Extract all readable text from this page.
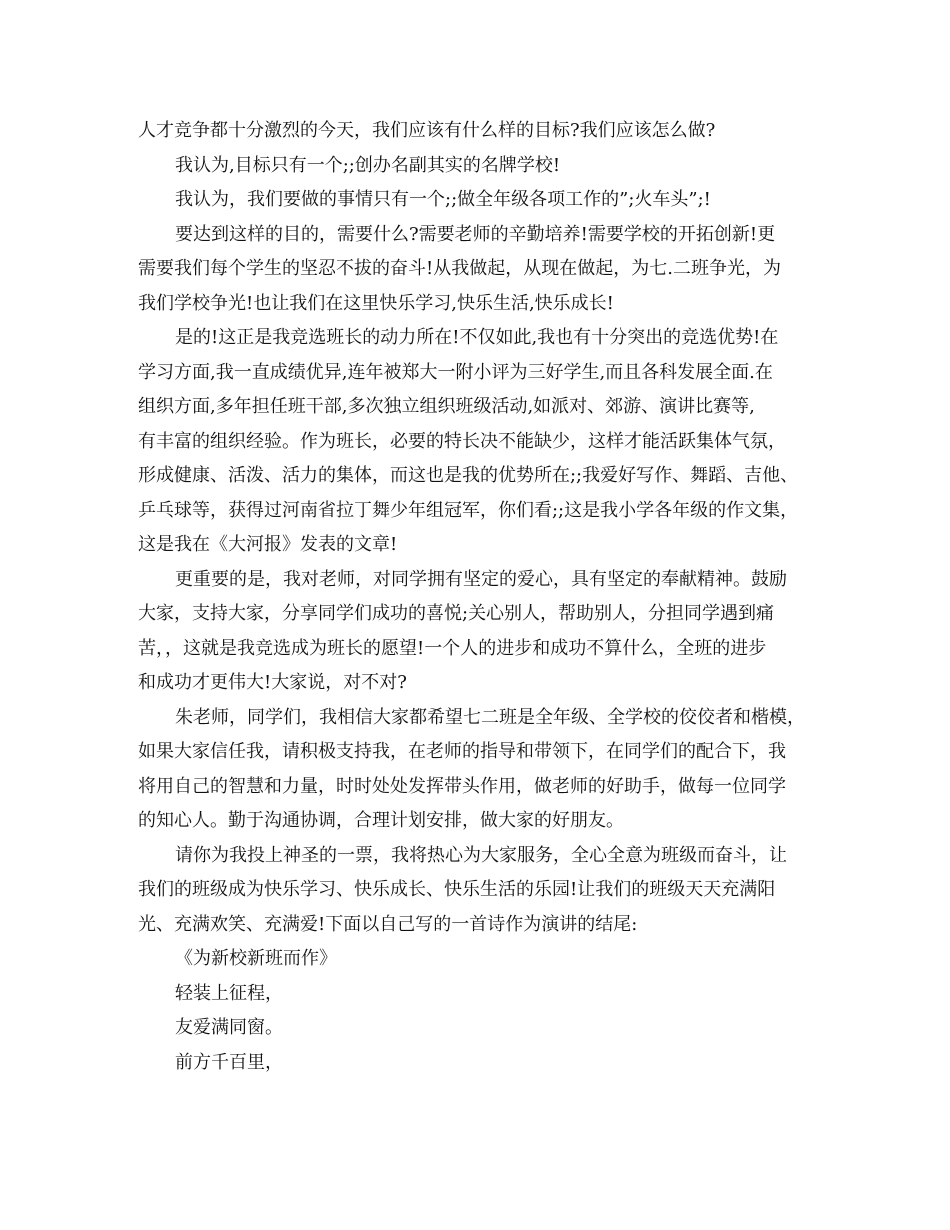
人才竞争都十分激烈的今天，我们应该有什么样的目标?我们应该怎么做?
我认为,目标只有一个;;创办名副其实的名牌学校!
我认为，我们要做的事情只有一个;;做全年级各项工作的”;火车头”;!
要达到这样的目的，需要什么?需要老师的辛勤培养!需要学校的开拓创新!更
需要我们每个学生的坚忍不拔的奋斗!从我做起，从现在做起，为七.二班争光，为
我们学校争光!也让我们在这里快乐学习,快乐生活,快乐成长!
是的!这正是我竞选班长的动力所在!不仅如此,我也有十分突出的竞选优势!在
学习方面,我一直成绩优异,连年被郑大一附小评为三好学生,而且各科发展全面.在
组织方面,多年担任班干部,多次独立组织班级活动,如派对、郊游、演讲比赛等,
有丰富的组织经验。作为班长，必要的特长决不能缺少，这样才能活跃集体气氛，
形成健康、活泼、活力的集体，而这也是我的优势所在;;我爱好写作、舞蹈、吉他、
乒乓球等，获得过河南省拉丁舞少年组冠军，你们看;;这是我小学各年级的作文集，
这是我在《大河报》发表的文章!
更重要的是，我对老师，对同学拥有坚定的爱心，具有坚定的奉献精神。鼓励
大家，支持大家，分享同学们成功的喜悦;关心别人，帮助别人，分担同学遇到痛
苦，，这就是我竞选成为班长的愿望!一个人的进步和成功不算什么，全班的进步
和成功才更伟大!大家说，对不对?
朱老师，同学们，我相信大家都希望七二班是全年级、全学校的佼佼者和楷模，
如果大家信任我，请积极支持我，在老师的指导和带领下，在同学们的配合下，我
将用自己的智慧和力量，时时处处发挥带头作用，做老师的好助手，做每一位同学
的知心人。勤于沟通协调，合理计划安排，做大家的好朋友。
请你为我投上神圣的一票，我将热心为大家服务，全心全意为班级而奋斗，让
我们的班级成为快乐学习、快乐成长、快乐生活的乐园!让我们的班级天天充满阳
光、充满欢笑、充满爱!下面以自己写的一首诗作为演讲的结尾:
《为新校新班而作》
轻装上征程，
友爱满同窗。
前方千百里，
